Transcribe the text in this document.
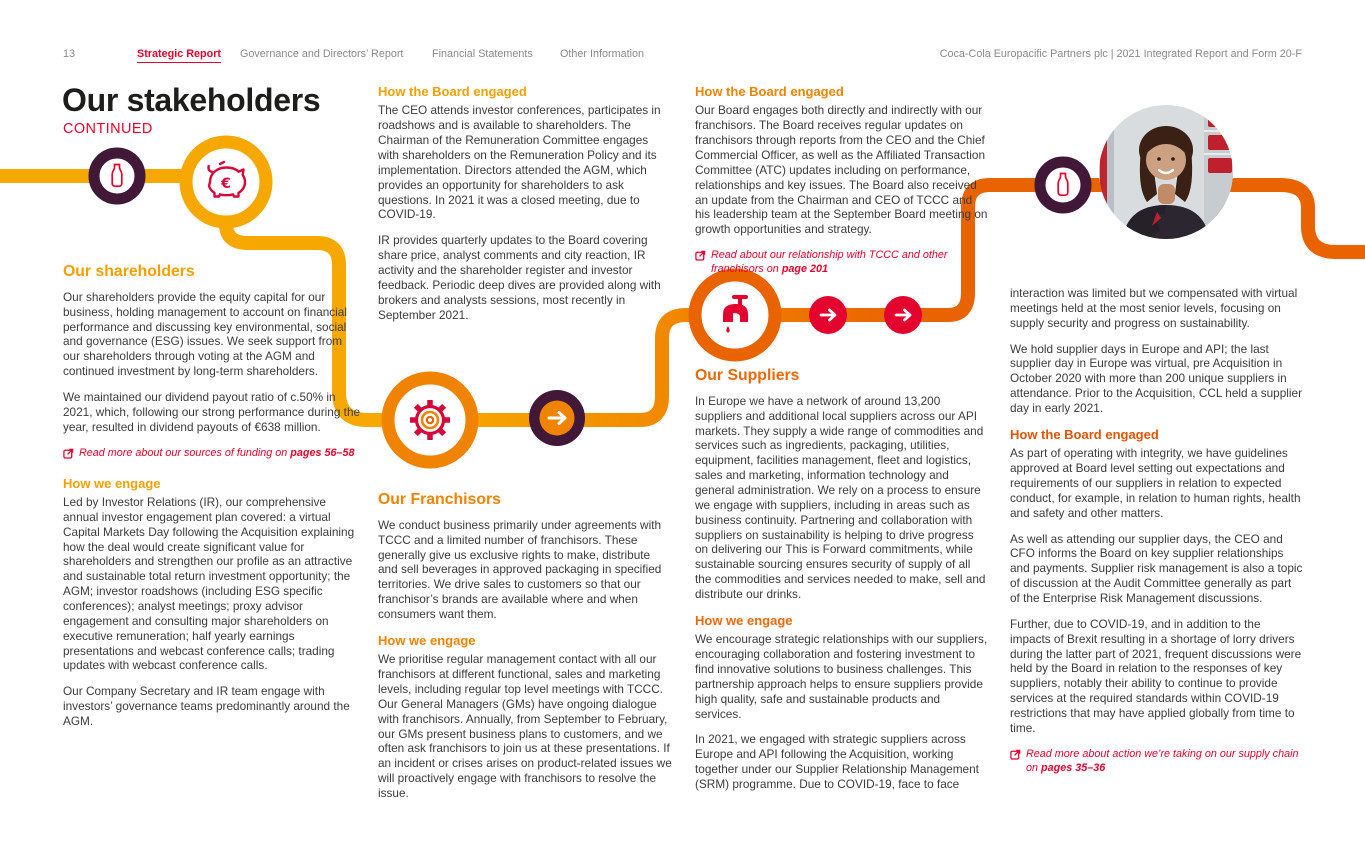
€
13	Strategic Report Governance and Directors’ Report	Financial Statements	Other Information	Coca-Cola Europacific Partners plc | 2021 Integrated Report and Form 20-F
Our stakeholders
CONTINUED
Our shareholders

Our shareholders provide the equity capital for our business, holding management to account on financial performance and discussing key environmental, social and governance (ESG) issues. We seek support from our shareholders through voting at the AGM and continued investment by long-term shareholders.

We maintained our dividend payout ratio of c.50% in 2021, which, following our strong performance during the year, resulted in dividend payouts of €638 million.

Read more about our sources of funding on pages 56–58
How we engage

Led by Investor Relations (IR), our comprehensive annual investor engagement plan covered: a virtual Capital Markets Day following the Acquisition explaining how the deal would create significant value for shareholders and strengthen our profile as an attractive and sustainable total return investment opportunity; the AGM; investor roadshows (including ESG specific conferences); analyst meetings; proxy advisor engagement and consulting major shareholders on executive remuneration; half yearly earnings presentations and webcast conference calls; trading updates with webcast conference calls.

Our Company Secretary and IR team engage with investors’ governance teams predominantly around the AGM.

How the Board engaged

The CEO attends investor conferences, participates in roadshows and is available to shareholders. The Chairman of the Remuneration Committee engages with shareholders on the Remuneration Policy and its implementation. Directors attended the AGM, which provides an opportunity for shareholders to ask questions. In 2021 it was a closed meeting, due to COVID-19.

IR provides quarterly updates to the Board covering share price, analyst comments and city reaction, IR activity and the shareholder register and investor feedback. Periodic deep dives are provided along with brokers and analysts sessions, most recently in September 2021.

Our Franchisors

We conduct business primarily under agreements with TCCC and a limited number of franchisors. These generally give us exclusive rights to make, distribute and sell beverages in approved packaging in specified territories. We drive sales to customers so that our franchisor’s brands are available where and when consumers want them.

How we engage

We prioritise regular management contact with all our franchisors at different functional, sales and marketing levels, including regular top level meetings with TCCC. Our General Managers (GMs) have ongoing dialogue with franchisors. Annually, from September to February, our GMs present business plans to customers, and we often ask franchisors to join us at these presentations. If an incident or crises arises on product-related issues we will proactively engage with franchisors to resolve the issue.

How the Board engaged

Our Board engages both directly and indirectly with our franchisors. The Board receives regular updates on franchisors through reports from the CEO and the Chief Commercial Officer, as well as the Affiliated Transaction Committee (ATC) updates including on performance, relationships and key issues. The Board also received an update from the Chairman and CEO of TCCC and his leadership team at the September Board meeting on growth opportunities and strategy.

Read about our relationship with TCCC and other franchisors on page 201
Our Suppliers

In Europe we have a network of around 13,200 suppliers and additional local suppliers across our API markets. They supply a wide range of commodities and services such as ingredients, packaging, utilities, equipment, facilities management, fleet and logistics, sales and marketing, information technology and general administration. We rely on a process to ensure we engage with suppliers, including in areas such as business continuity. Partnering and collaboration with suppliers on sustainability is helping to drive progress on delivering our This is Forward commitments, while sustainable sourcing ensures security of supply of all the commodities and services needed to make, sell and distribute our drinks.

How we engage

We encourage strategic relationships with our suppliers, encouraging collaboration and fostering investment to find innovative solutions to business challenges. This partnership approach helps to ensure suppliers provide high quality, safe and sustainable products and services.

In 2021, we engaged with strategic suppliers across Europe and API following the Acquisition, working together under our Supplier Relationship Management (SRM) programme. Due to COVID-19, face to face

interaction was limited but we compensated with virtual meetings held at the most senior levels, focusing on supply security and progress on sustainability.

We hold supplier days in Europe and API; the last supplier day in Europe was virtual, pre Acquisition in October 2020 with more than 200 unique suppliers in attendance. Prior to the Acquisition, CCL held a supplier day in early 2021.

How the Board engaged

As part of operating with integrity, we have guidelines approved at Board level setting out expectations and requirements of our suppliers in relation to expected conduct, for example, in relation to human rights, health and safety and other matters.

As well as attending our supplier days, the CEO and CFO informs the Board on key supplier relationships and payments. Supplier risk management is also a topic of discussion at the Audit Committee generally as part of the Enterprise Risk Management discussions.

Further, due to COVID-19, and in addition to the impacts of Brexit resulting in a shortage of lorry drivers during the latter part of 2021, frequent discussions were held by the Board in relation to the responses of key suppliers, notably their ability to continue to provide services at the required standards within COVID-19 restrictions that may have applied globally from time to time.

Read more about action we’re taking on our supply chain on pages 35–36
